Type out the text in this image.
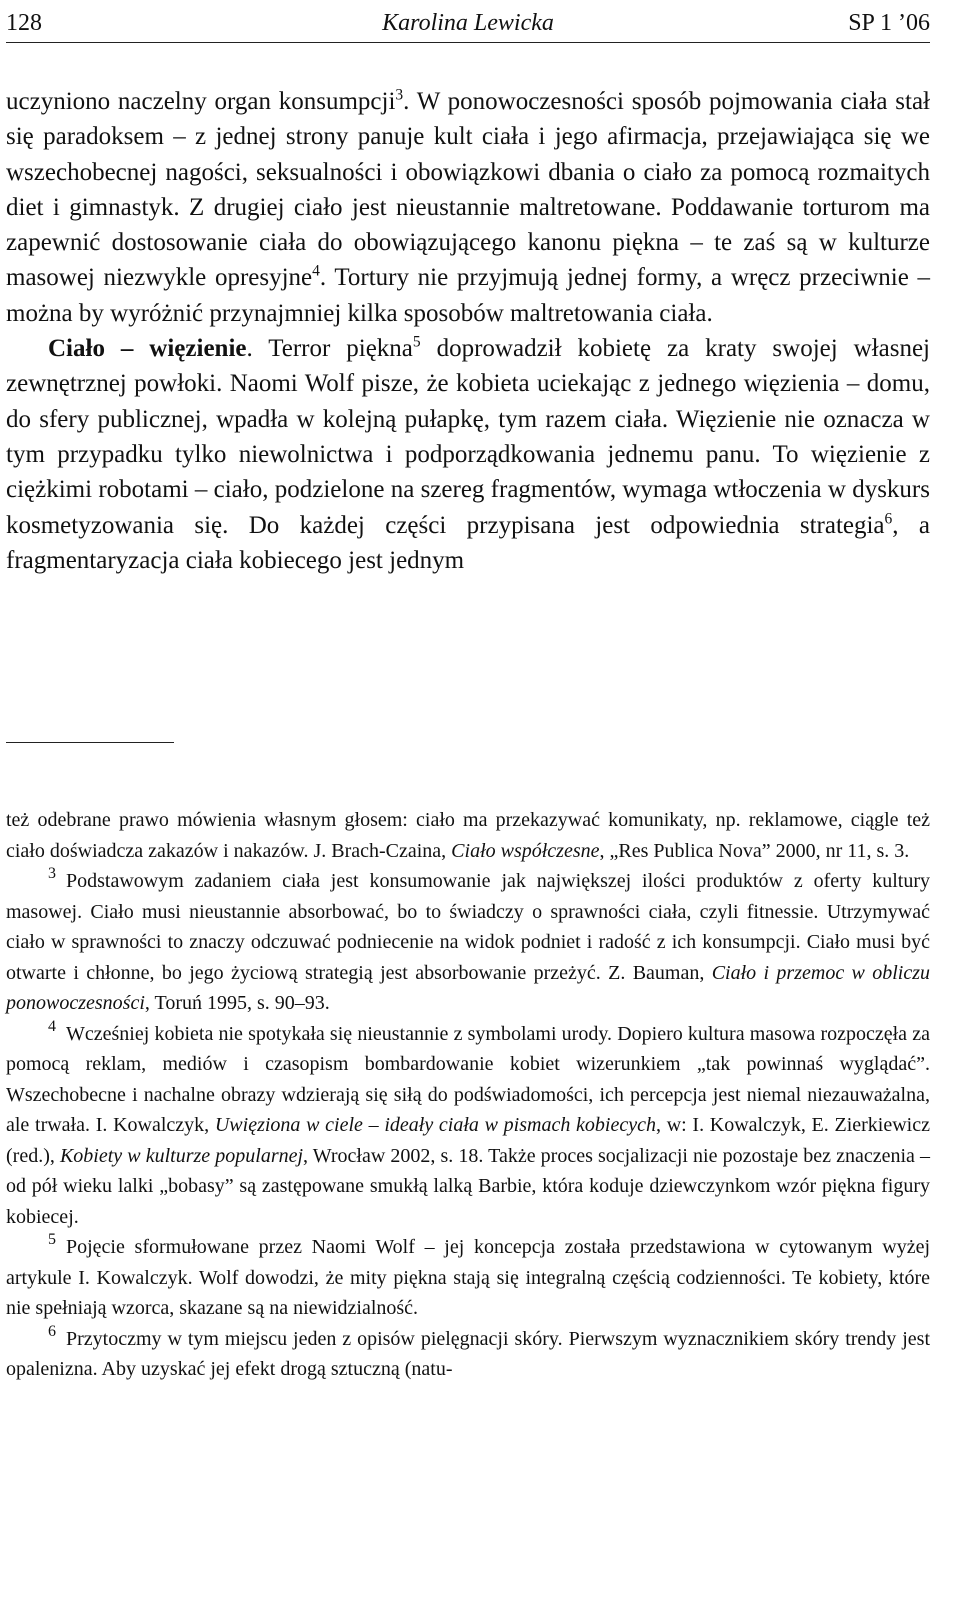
128	Karolina Lewicka	SP 1 ’06

uczyniono naczelny organ konsumpcji$^3$. W ponowoczesności sposób pojmowania ciała stał się paradoksem – z jednej strony panuje kult ciała i jego afirmacja, przejawiająca się we wszechobecnej nagości, seksualności i obowiązkowi dbania o ciało za pomocą rozmaitych diet i gimnastyk. Z drugiej ciało jest nieustannie maltretowane. Poddawanie torturom ma zapewnić dostosowanie ciała do obowiązującego kanonu piękna – te zaś są w kulturze masowej niezwykle opresyjne$^4$. Tortury nie przyjmują jednej formy, a wręcz przeciwnie – można by wyróżnić przynajmniej kilka sposobów maltretowania ciała.

Ciało – więzienie. Terror piękna$^5$ doprowadził kobietę za kraty swojej własnej zewnętrznej powłoki. Naomi Wolf pisze, że kobieta uciekając z jednego więzienia – domu, do sfery publicznej, wpadła w kolejną pułapkę, tym razem ciała. Więzienie nie oznacza w tym przypadku tylko niewolnictwa i podporządkowania jednemu panu. To więzienie z ciężkimi robotami – ciało, podzielone na szereg fragmentów, wymaga wtłoczenia w dyskurs kosmetyzowania się. Do każdej części przypisana jest odpowiednia strategia$^6$, a fragmentaryzacja ciała kobiecego jest jednym

też odebrane prawo mówienia własnym głosem: ciało ma przekazywać komunikaty, np. reklamowe, ciągle też ciało doświadcza zakazów i nakazów. J. Brach-Czaina, Ciało współczesne, „Res Publica Nova” 2000, nr 11, s. 3.

$^3$ Podstawowym zadaniem ciała jest konsumowanie jak największej ilości produktów z oferty kultury masowej. Ciało musi nieustannie absorbować, bo to świadczy o sprawności ciała, czyli fitnessie. Utrzymywać ciało w sprawności to znaczy odczuwać podniecenie na widok podniet i radość z ich konsumpcji. Ciało musi być otwarte i chłonne, bo jego życiową strategią jest absorbowanie przeżyć. Z. Bauman, Ciało i przemoc w obliczu ponowoczesności, Toruń 1995, s. 90–93.

$^4$ Wcześniej kobieta nie spotykała się nieustannie z symbolami urody. Dopiero kultura masowa rozpoczęła za pomocą reklam, mediów i czasopism bombardowanie kobiet wizerunkiem „tak powinnaś wyglądać”. Wszechobecne i nachalne obrazy wdzierają się siłą do podświadomości, ich percepcja jest niemal niezauważalna, ale trwała. I. Kowalczyk, Uwięziona w ciele – ideały ciała w pismach kobiecych, w: I. Kowalczyk, E. Zierkiewicz (red.), Kobiety w kulturze popularnej, Wrocław 2002, s. 18. Także proces socjalizacji nie pozostaje bez znaczenia – od pół wieku lalki „bobasy” są zastępowane smukłą lalką Barbie, która koduje dziewczynkom wzór piękna figury kobiecej.

$^5$ Pojęcie sformułowane przez Naomi Wolf – jej koncepcja została przedstawiona w cytowanym wyżej artykule I. Kowalczyk. Wolf dowodzi, że mity piękna stają się integralną częścią codzienności. Te kobiety, które nie spełniają wzorca, skazane są na niewidzialność.

$^6$ Przytoczmy w tym miejscu jeden z opisów pielęgnacji skóry. Pierwszym wyznacznikiem skóry trendy jest opalenizna. Aby uzyskać jej efekt drogą sztuczną (natu-
